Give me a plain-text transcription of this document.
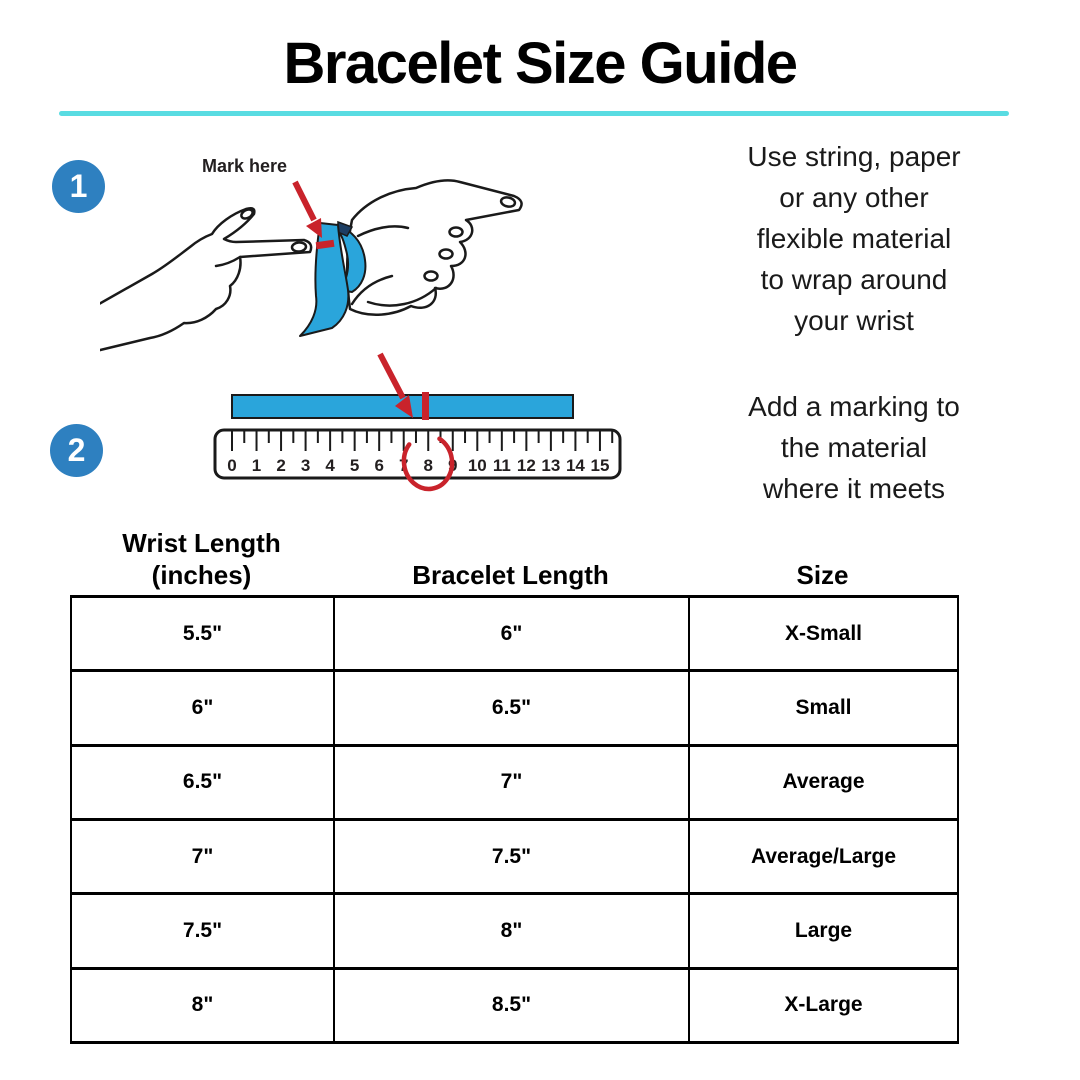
Bracelet Size Guide
1
Mark here	Use string, paper
or any other
flexible material
to wrap around
your wrist
2	0 1 2 3 4 5 6 7 8 9 10 11 12 13 14 15
Add a marking to
the material
where it meets
Wrist Length
(inches)	Bracelet Length	Size
5.5"	6"	X-Small
6"	6.5"	Small
6.5"	7"	Average
7"	7.5"	Average/Large
7.5"	8"	Large
8"	8.5"	X-Large
